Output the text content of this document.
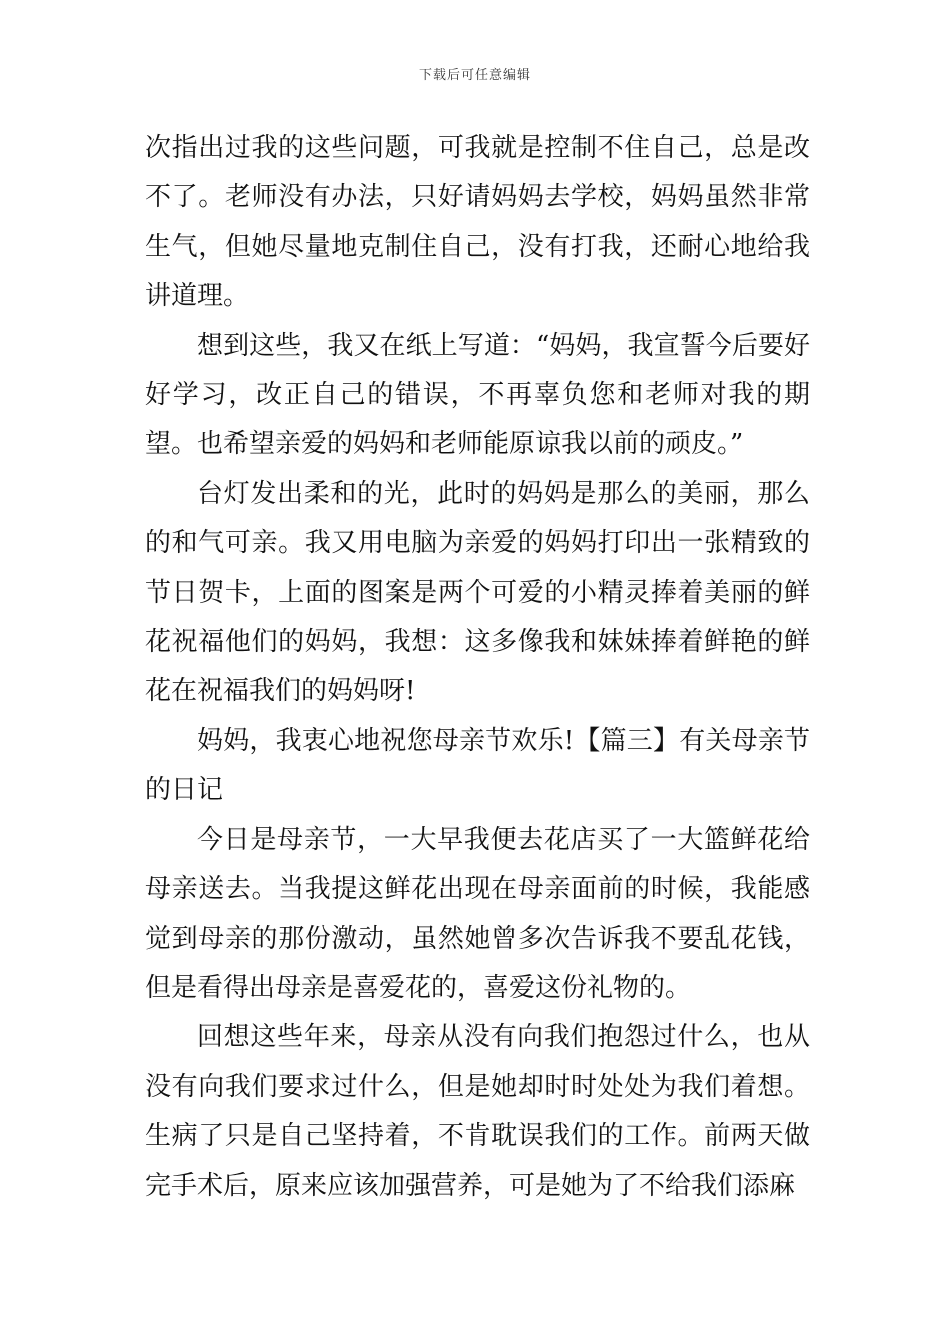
下载后可任意编辑

次指出过我的这些问题，可我就是控制不住自己，总是改不了。老师没有办法，只好请妈妈去学校，妈妈虽然非常生气，但她尽量地克制住自己，没有打我，还耐心地给我讲道理。

想到这些，我又在纸上写道：“妈妈，我宣誓今后要好好学习，改正自己的错误，不再辜负您和老师对我的期望。也希望亲爱的妈妈和老师能原谅我以前的顽皮。”

台灯发出柔和的光，此时的妈妈是那么的美丽，那么的和气可亲。我又用电脑为亲爱的妈妈打印出一张精致的节日贺卡，上面的图案是两个可爱的小精灵捧着美丽的鲜花祝福他们的妈妈，我想：这多像我和妹妹捧着鲜艳的鲜花在祝福我们的妈妈呀!

妈妈，我衷心地祝您母亲节欢乐!【篇三】有关母亲节的日记

今日是母亲节，一大早我便去花店买了一大篮鲜花给母亲送去。当我提这鲜花出现在母亲面前的时候，我能感觉到母亲的那份激动，虽然她曾多次告诉我不要乱花钱，但是看得出母亲是喜爱花的，喜爱这份礼物的。

回想这些年来，母亲从没有向我们抱怨过什么，也从没有向我们要求过什么，但是她却时时处处为我们着想。生病了只是自己坚持着，不肯耽误我们的工作。前两天做完手术后，原来应该加强营养，可是她为了不给我们添麻
